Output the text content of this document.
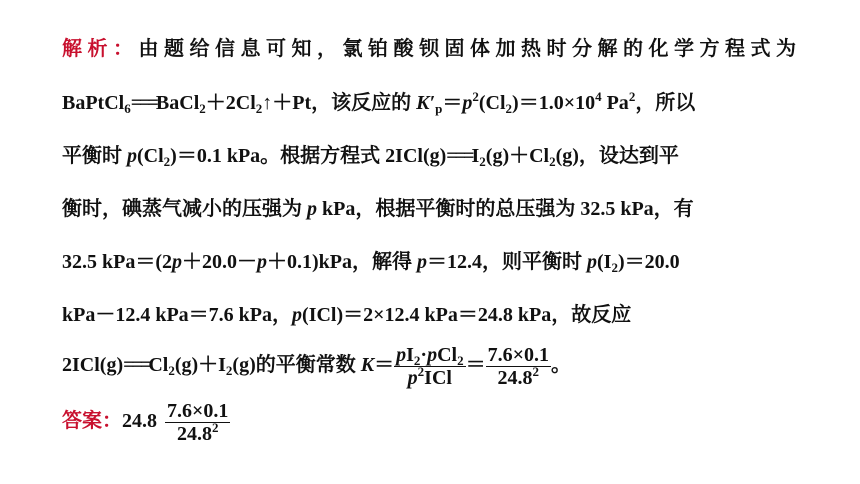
解析：由题给信息可知，氯铂酸钡固体加热时分解的化学方程式为
$BaPtCl_6===BaCl_2+2Cl_2↑+Pt$，该反应的 $K'_p=p^2(Cl_2)=1.0\times 10^4$ Pa$^2$，所以
平衡时 $p(Cl_2)=0.1$ kPa。根据方程式 $2ICl(g)===I_2(g)+Cl_2(g)$，设达到平
衡时，碘蒸气减小的压强为 p kPa，根据平衡时的总压强为 32.5 kPa，有
32.5 kPa＝(2p＋20.0－p＋0.1)kPa，解得 p＝12.4，则平衡时 $p(I_2)=20.0$
kPa－12.4 kPa＝7.6 kPa，p(ICl)＝2×12.4 kPa＝24.8 kPa，故反应
$2ICl(g)===Cl_2(g)+I_2(g)$的平衡常数 $K= \frac{pI_2\cdot pCl_2}{p^2ICl} = \frac{7.6\times 0.1}{24.8^2}$ 。
答案：$24.8 \frac{7.6\times 0.1}{24.8^2}$
